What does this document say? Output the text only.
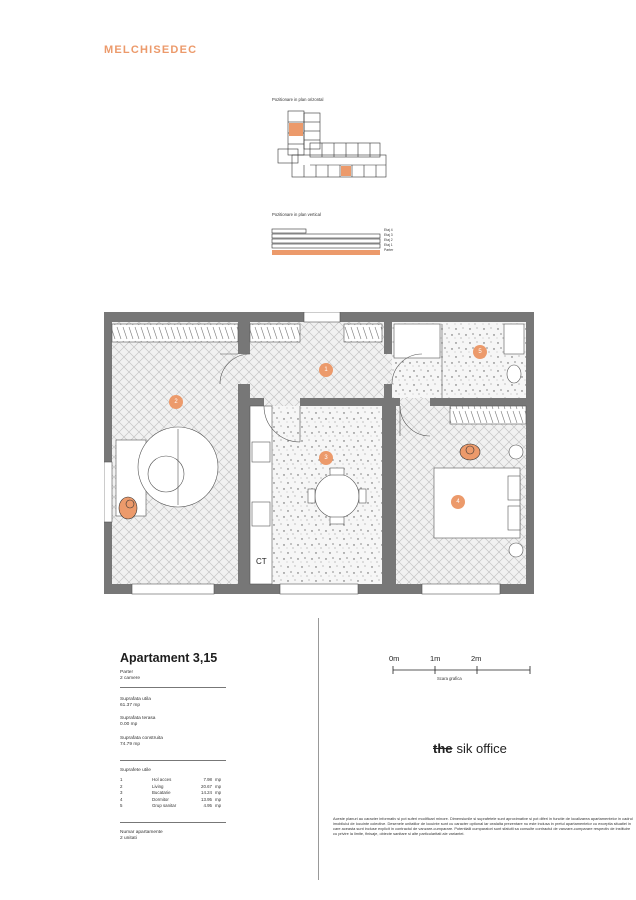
MELCHISEDEC
Pozitionare in plan orizontal
Pozitionare in plan vertical
Etaj 4
Etaj 3
Etaj 2
Etaj 1
Parter
1
2
3
4
5
CT
Apartament 3,15
Parter
2 camere
Suprafata utila
61.37 mp
Suprafata terasa
0.00 mp
Suprafata construita
74.79 mp
Suprafete utile
1	Hol acces	7.98	mp
2	Living	20.67	mp
3	Bucatarie	14.24	mp
4	Dormitor	13.95	mp
5	Grup sanitar	4.95	mp
Numar apartamente
2 unitati
0m	1m	2m
Scara grafica
the sik office
Aceste planuri au caracter informativ si pot suferi modificari minore. Dimensiunile si suprafetele sunt aproximative si pot diferi in functie de localizarea apartamentelor in cadrul imobilului de locuinte colective. Desenele unitatilor de locuinte sunt cu caracter optional iar cealalta prezentare nu este inclusa in pretul apartamentelor cu exceptia situatiei in care aceasta sunt incluse explicit in contractul de vanzare-cumparare. Potentialii cumparatori sunt sfatuiti sa consulte contractul de vanzare-cumparare respectiv de instituire cu privire la limite, finisaje, obiecte sanitare si alte particularitati ale variantei.
